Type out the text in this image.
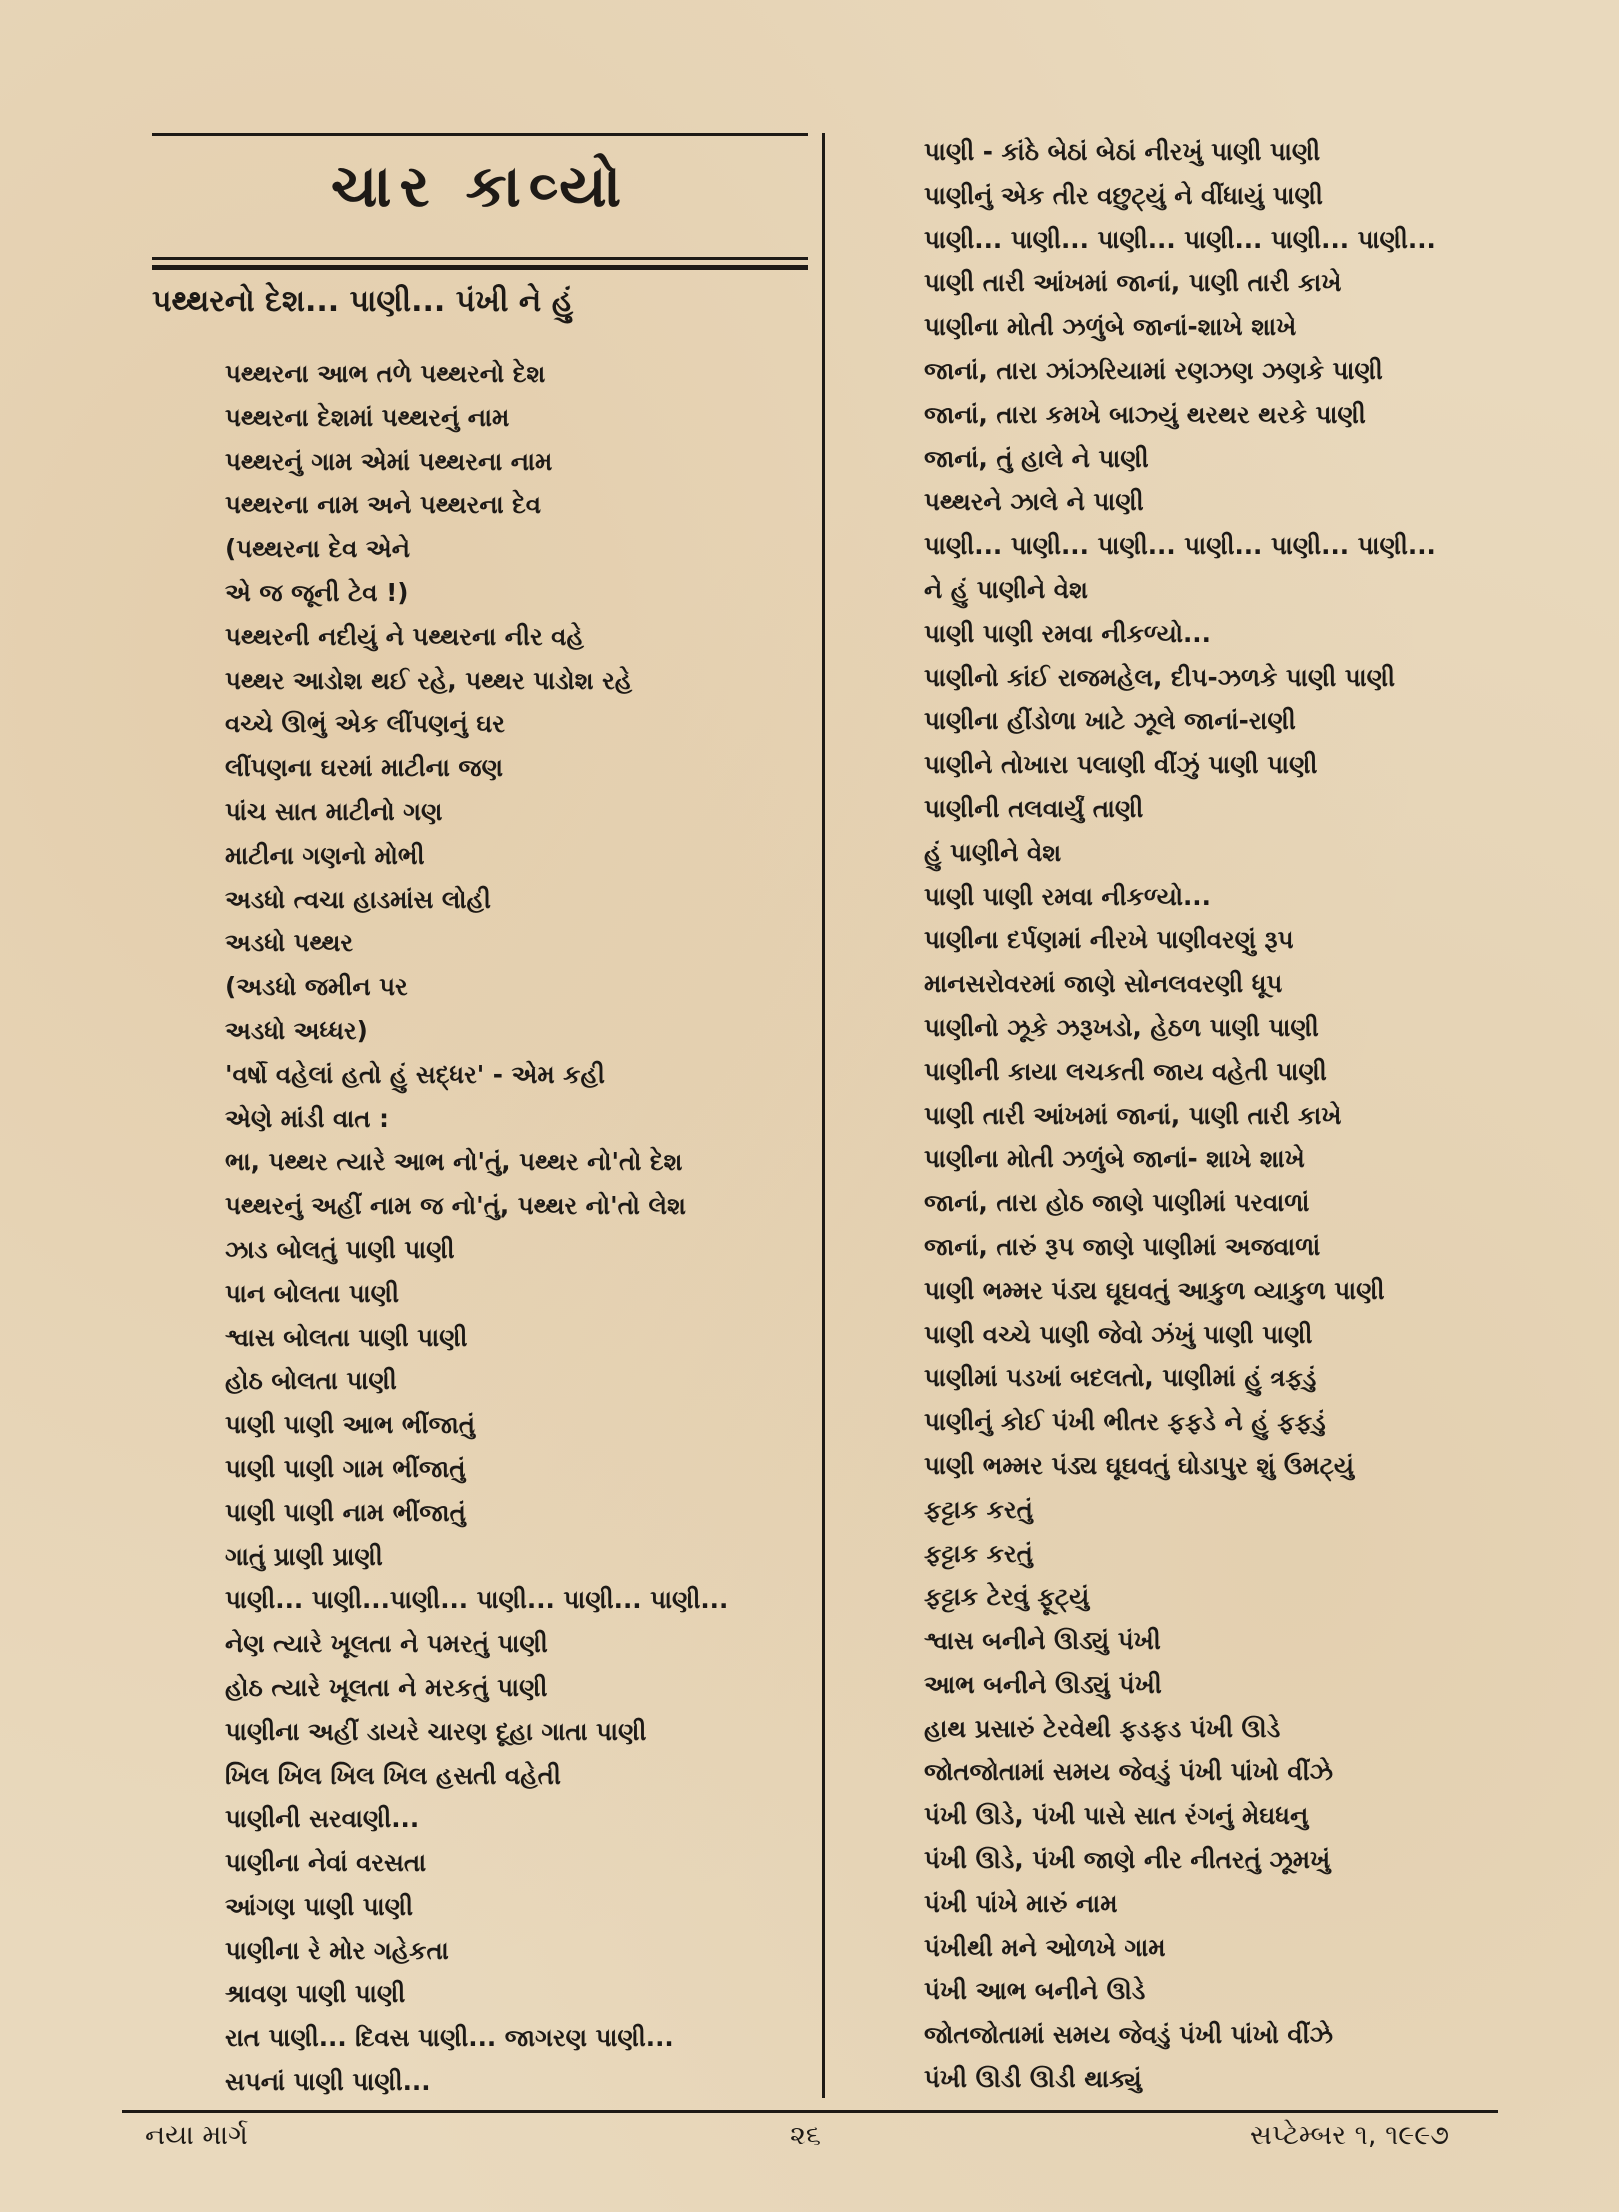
ચાર કાવ્યો
પથ્થરનો દેશ... પાણી... પંખી ને હું
પથ્થરના આભ તળે પથ્થરનો દેશ
પથ્થરના દેશમાં પથ્થરનું નામ
પથ્થરનું ગામ એમાં પથ્થરના નામ
પથ્થરના નામ અને પથ્થરના દેવ
(પથ્થરના દેવ એને
એ જ જૂની ટેવ !)
પથ્થરની નદીયું ને પથ્થરના નીર વહે
પથ્થર આડોશ થઈ રહે, પથ્થર પાડોશ રહે
વચ્ચે ઊભું એક લીંપણનું ઘર
લીંપણના ઘરમાં માટીના જણ
પાંચ સાત માટીનો ગણ
માટીના ગણનો મોભી
અડધો ત્વચા હાડમાંસ લોહી
અડધો પથ્થર
(અડધો જમીન પર
અડધો અધ્ધર)
'વર્ષો વહેલાં હતો હું સદ્ધર' - એમ કહી
એણે માંડી વાત :
ભા, પથ્થર ત્યારે આભ નો'તું, પથ્થર નો'તો દેશ
પથ્થરનું અહીં નામ જ નો'તું, પથ્થર નો'તો લેશ
ઝાડ બોલતું પાણી પાણી
પાન બોલતા પાણી
શ્વાસ બોલતા પાણી પાણી
હોઠ બોલતા પાણી
પાણી પાણી આભ ભીંજાતું
પાણી પાણી ગામ ભીંજાતું
પાણી પાણી નામ ભીંજાતું
ગાતું પ્રાણી પ્રાણી
પાણી... પાણી...પાણી... પાણી... પાણી... પાણી...
નેણ ત્યારે ખૂલતા ને પમરતું પાણી
હોઠ ત્યારે ખૂલતા ને મરકતું પાણી
પાણીના અહીં ડાયરે ચારણ દૂહા ગાતા પાણી
ખિલ ખિલ ખિલ ખિલ હસતી વહેતી
પાણીની સરવાણી...
પાણીના નેવાં વરસતા
આંગણ પાણી પાણી
પાણીના રે મોર ગહેકતા
શ્રાવણ પાણી પાણી
રાત પાણી... દિવસ પાણી... જાગરણ પાણી...
સપનાં પાણી પાણી...
પાણી - કાંઠે બેઠાં બેઠાં નીરખું પાણી પાણી
પાણીનું એક તીર વછુટ્યું ને વીંધાયું પાણી
પાણી... પાણી... પાણી... પાણી... પાણી... પાણી...
પાણી તારી આંખમાં જાનાં, પાણી તારી કાખે
પાણીના મોતી ઝળુંબે જાનાં-શાખે શાખે
જાનાં, તારા ઝાંઝરિયામાં રણઝણ ઝણકે પાણી
જાનાં, તારા કમખે બાઝ્યું થરથર થરકે પાણી
જાનાં, તું હાલે ને પાણી
પથ્થરને ઝાલે ને પાણી
પાણી... પાણી... પાણી... પાણી... પાણી... પાણી...
ને હું પાણીને વેશ
પાણી પાણી રમવા નીકળ્યો...
પાણીનો કાંઈ રાજમહેલ, દીપ-ઝળકે પાણી પાણી
પાણીના હીંડોળા ખાટે ઝૂલે જાનાં-રાણી
પાણીને તોખારા પલાણી વીંઝું પાણી પાણી
પાણીની તલવાર્યું તાણી
હું પાણીને વેશ
પાણી પાણી રમવા નીકળ્યો...
પાણીના દર્પણમાં નીરખે પાણીવરણું રૂપ
માનસરોવરમાં જાણે સોનલવરણી ધૂપ
પાણીનો ઝૂકે ઝરૂખડો, હેઠળ પાણી પાણી
પાણીની કાયા લચકતી જાય વહેતી પાણી
પાણી તારી આંખમાં જાનાં, પાણી તારી કાખે
પાણીના મોતી ઝળુંબે જાનાં- શાખે શાખે
જાનાં, તારા હોઠ જાણે પાણીમાં પરવાળાં
જાનાં, તારું રૂપ જાણે પાણીમાં અજવાળાં
પાણી ભમ્મર પંડ્ય ઘૂઘવતું આકુળ વ્યાકુળ પાણી
પાણી વચ્ચે પાણી જેવો ઝંખું પાણી પાણી
પાણીમાં પડખાં બદલતો, પાણીમાં હું ત્રફડું
પાણીનું કોઈ પંખી ભીતર ફફડે ને હું ફફડું
પાણી ભમ્મર પંડ્ય ઘૂઘવતું ઘોડાપુર શું ઉમટ્યું
ફટ્ટાક કરતું
ફટ્ટાક કરતું
ફટ્ટાક ટેરવું ફૂટ્યું
શ્વાસ બનીને ઊડ્યું પંખી
આભ બનીને ઊડ્યું પંખી
હાથ પ્રસારું ટેરવેથી ફડફડ પંખી ઊડે
જોતજોતામાં સમય જેવડું પંખી પાંખો વીંઝે
પંખી ઊડે, પંખી પાસે સાત રંગનું મેઘધનુ
પંખી ઊડે, પંખી જાણે નીર નીતરતું ઝૂમખું
પંખી પાંખે મારું નામ
પંખીથી મને ઓળખે ગામ
પંખી આભ બનીને ઊડે
જોતજોતામાં સમય જેવડું પંખી પાંખો વીંઝે
પંખી ઊડી ઊડી થાક્યું
નયા માર્ગ	૨૬	સપ્ટેમ્બર ૧, ૧૯૯૭
